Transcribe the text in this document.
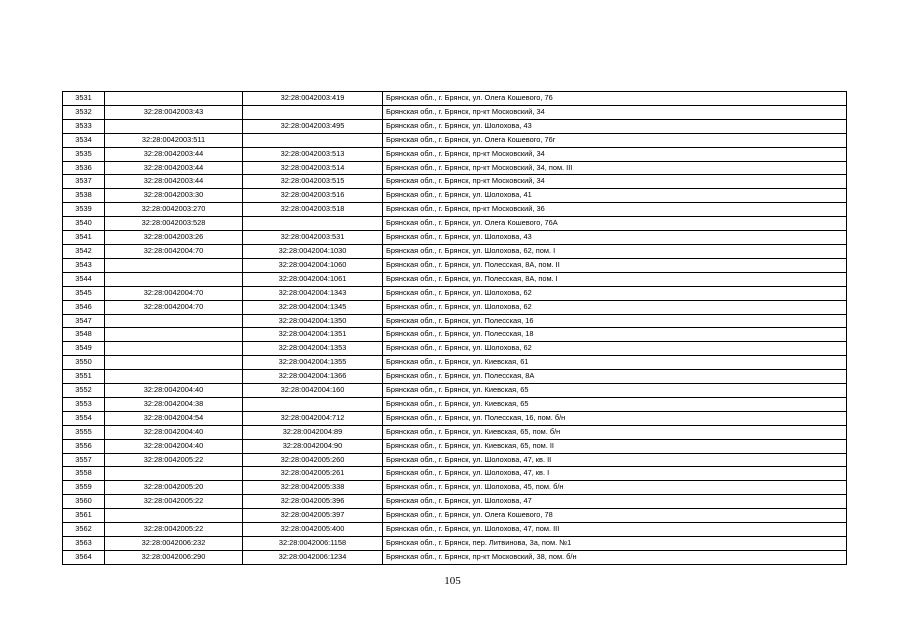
3531		32:28:0042003:419	Брянская обл., г. Брянск, ул. Олега Кошевого, 76
3532	32:28:0042003:43		Брянская обл., г. Брянск, пр-кт Московский, 34
3533		32:28:0042003:495	Брянская обл., г. Брянск, ул. Шолохова, 43
3534	32:28:0042003:511		Брянская обл., г. Брянск, ул. Олега Кошевого, 76г
3535	32:28:0042003:44	32:28:0042003:513	Брянская обл., г. Брянск, пр-кт Московский, 34
3536	32:28:0042003:44	32:28:0042003:514	Брянская обл., г. Брянск, пр-кт Московский, 34, пом. III
3537	32:28:0042003:44	32:28:0042003:515	Брянская обл., г. Брянск, пр-кт Московский, 34
3538	32:28:0042003:30	32:28:0042003:516	Брянская обл., г. Брянск, ул. Шолохова, 41
3539	32:28:0042003:270	32:28:0042003:518	Брянская обл., г. Брянск, пр-кт Московский, 36
3540	32:28:0042003:528		Брянская обл., г. Брянск, ул. Олега Кошевого, 76А
3541	32:28:0042003:26	32:28:0042003:531	Брянская обл., г. Брянск, ул. Шолохова, 43
3542	32:28:0042004:70	32:28:0042004:1030	Брянская обл., г. Брянск, ул. Шолохова, 62, пом. I
3543		32:28:0042004:1060	Брянская обл., г. Брянск, ул. Полесская, 8А, пом. II
3544		32:28:0042004:1061	Брянская обл., г. Брянск, ул. Полесская, 8А, пом. I
3545	32:28:0042004:70	32:28:0042004:1343	Брянская обл., г. Брянск, ул. Шолохова, 62
3546	32:28:0042004:70	32:28:0042004:1345	Брянская обл., г. Брянск, ул. Шолохова, 62
3547		32:28:0042004:1350	Брянская обл., г. Брянск, ул. Полесская, 16
3548		32:28:0042004:1351	Брянская обл., г. Брянск, ул. Полесская, 18
3549		32:28:0042004:1353	Брянская обл., г. Брянск, ул. Шолохова, 62
3550		32:28:0042004:1355	Брянская обл., г. Брянск, ул. Киевская, 61
3551		32:28:0042004:1366	Брянская обл., г. Брянск, ул. Полесская, 8А
3552	32:28:0042004:40	32:28:0042004:160	Брянская обл., г. Брянск, ул. Киевская, 65
3553	32:28:0042004:38		Брянская обл., г. Брянск, ул. Киевская, 65
3554	32:28:0042004:54	32:28:0042004:712	Брянская обл., г. Брянск, ул. Полесская, 16, пом. б/н
3555	32:28:0042004:40	32:28:0042004:89	Брянская обл., г. Брянск, ул. Киевская, 65, пом. б/н
3556	32:28:0042004:40	32:28:0042004:90	Брянская обл., г. Брянск, ул. Киевская, 65, пом. II
3557	32:28:0042005:22	32:28:0042005:260	Брянская обл., г. Брянск, ул. Шолохова, 47, кв. II
3558		32:28:0042005:261	Брянская обл., г. Брянск, ул. Шолохова, 47, кв. I
3559	32:28:0042005:20	32:28:0042005:338	Брянская обл., г. Брянск, ул. Шолохова, 45, пом. б/н
3560	32:28:0042005:22	32:28:0042005:396	Брянская обл., г. Брянск, ул. Шолохова, 47
3561		32:28:0042005:397	Брянская обл., г. Брянск, ул. Олега Кошевого, 78
3562	32:28:0042005:22	32:28:0042005:400	Брянская обл., г. Брянск, ул. Шолохова, 47, пом. III
3563	32:28:0042006:232	32:28:0042006:1158	Брянская обл., г. Брянск, пер. Литвинова, 3а, пом. №1
3564	32:28:0042006:290	32:28:0042006:1234	Брянская обл., г. Брянск, пр-кт Московский, 38, пом. б/н
105
